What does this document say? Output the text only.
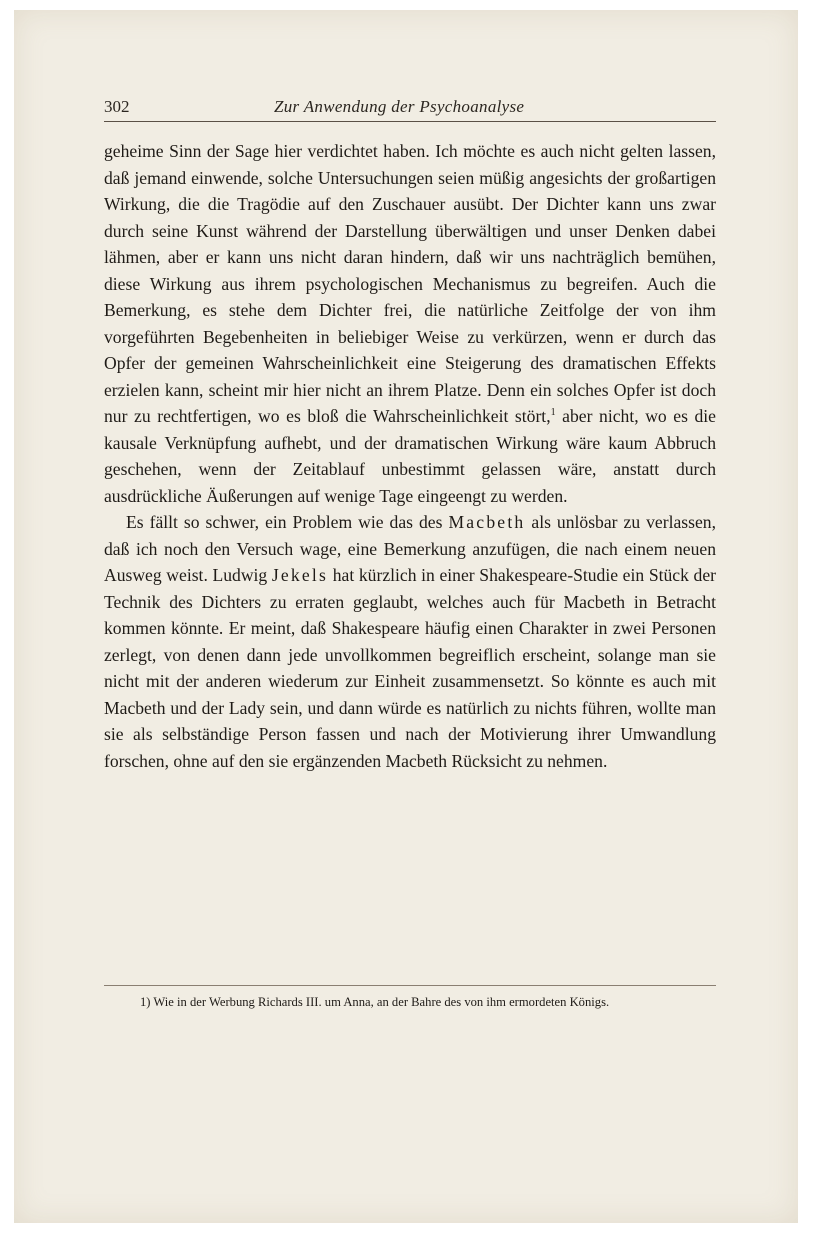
302	Zur Anwendung der Psychoanalyse

geheime Sinn der Sage hier verdichtet haben. Ich möchte es auch nicht gelten lassen, daß jemand einwende, solche Untersuchungen seien müßig angesichts der großartigen Wirkung, die die Tragödie auf den Zuschauer ausübt. Der Dichter kann uns zwar durch seine Kunst während der Darstellung überwältigen und unser Denken dabei lähmen, aber er kann uns nicht daran hindern, daß wir uns nachträglich bemühen, diese Wirkung aus ihrem psychologischen Mechanismus zu begreifen. Auch die Bemerkung, es stehe dem Dichter frei, die natürliche Zeitfolge der von ihm vorgeführten Begebenheiten in beliebiger Weise zu verkürzen, wenn er durch das Opfer der gemeinen Wahrscheinlichkeit eine Steigerung des dramatischen Effekts erzielen kann, scheint mir hier nicht an ihrem Platze. Denn ein solches Opfer ist doch nur zu rechtfertigen, wo es bloß die Wahrscheinlichkeit stört,$^1$ aber nicht, wo es die kausale Verknüpfung aufhebt, und der dramatischen Wirkung wäre kaum Abbruch geschehen, wenn der Zeitablauf unbestimmt gelassen wäre, anstatt durch ausdrückliche Äußerungen auf wenige Tage eingeengt zu werden.

Es fällt so schwer, ein Problem wie das des Macbeth als unlösbar zu verlassen, daß ich noch den Versuch wage, eine Bemerkung anzufügen, die nach einem neuen Ausweg weist. Ludwig Jekels hat kürzlich in einer Shakespeare-Studie ein Stück der Technik des Dichters zu erraten geglaubt, welches auch für Macbeth in Betracht kommen könnte. Er meint, daß Shakespeare häufig einen Charakter in zwei Personen zerlegt, von denen dann jede unvollkommen begreiflich erscheint, solange man sie nicht mit der anderen wiederum zur Einheit zusammensetzt. So könnte es auch mit Macbeth und der Lady sein, und dann würde es natürlich zu nichts führen, wollte man sie als selbständige Person fassen und nach der Motivierung ihrer Umwandlung forschen, ohne auf den sie ergänzenden Macbeth Rücksicht zu nehmen.

1) Wie in der Werbung Richards III. um Anna, an der Bahre des von ihm ermordeten Königs.
